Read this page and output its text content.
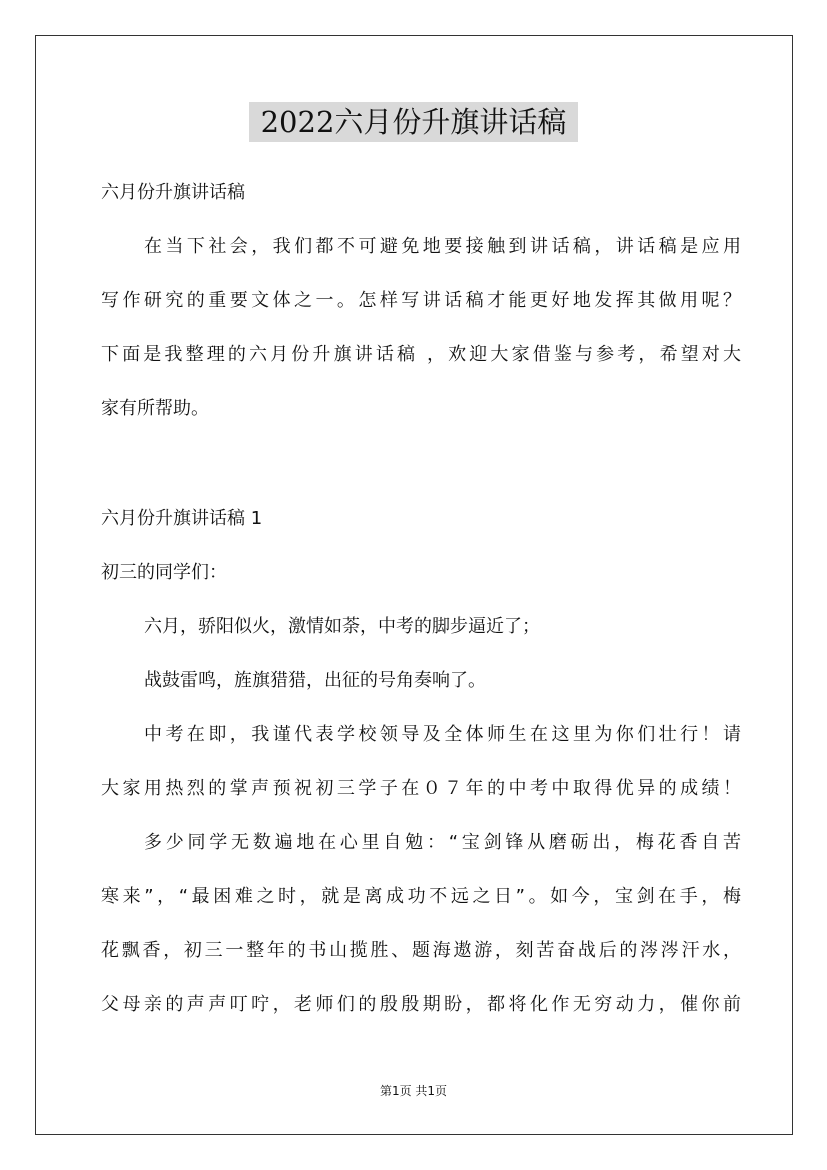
2022六月份升旗讲话稿
六月份升旗讲话稿
在当下社会，我们都不可避免地要接触到讲话稿，讲话稿是应用
写作研究的重要文体之一。怎样写讲话稿才能更好地发挥其做用呢？
下面是我整理的六月份升旗讲话稿 ，欢迎大家借鉴与参考，希望对大
家有所帮助。
六月份升旗讲话稿 1
初三的同学们：
六月，骄阳似火，激情如荼，中考的脚步逼近了；
战鼓雷鸣，旌旗猎猎，出征的号角奏响了。
中考在即，我谨代表学校领导及全体师生在这里为你们壮行！请
大家用热烈的掌声预祝初三学子在０７年的中考中取得优异的成绩！
多少同学无数遍地在心里自勉：“宝剑锋从磨砺出，梅花香自苦
寒来”，“最困难之时，就是离成功不远之日”。如今，宝剑在手，梅
花飘香，初三一整年的书山揽胜、题海遨游，刻苦奋战后的涔涔汗水，
父母亲的声声叮咛，老师们的殷殷期盼，都将化作无穷动力，催你前
第1页 共1页
